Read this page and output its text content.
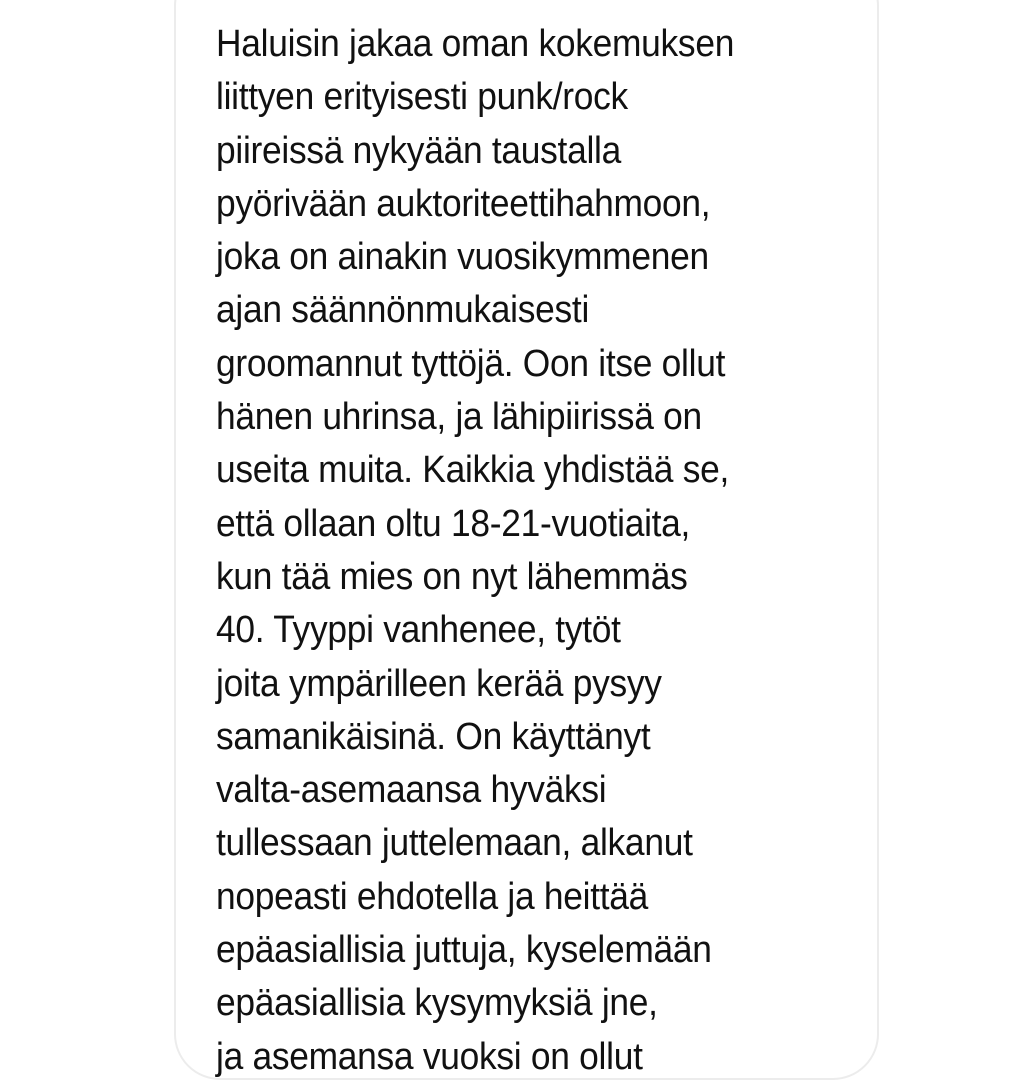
Haluisin jakaa oman kokemuksen
liittyen erityisesti punk/rock
piireissä nykyään taustalla
pyörivään auktoriteettihahmoon,
joka on ainakin vuosikymmenen
ajan säännönmukaisesti
groomannut tyttöjä. Oon itse ollut
hänen uhrinsa, ja lähipiirissä on
useita muita. Kaikkia yhdistää se,
että ollaan oltu 18-21-vuotiaita,
kun tää mies on nyt lähemmäs
40. Tyyppi vanhenee, tytöt
joita ympärilleen kerää pysyy
samanikäisinä. On käyttänyt
valta-asemaansa hyväksi
tullessaan juttelemaan, alkanut
nopeasti ehdotella ja heittää
epäasiallisia juttuja, kyselemään
epäasiallisia kysymyksiä jne,
ja asemansa vuoksi on ollut
